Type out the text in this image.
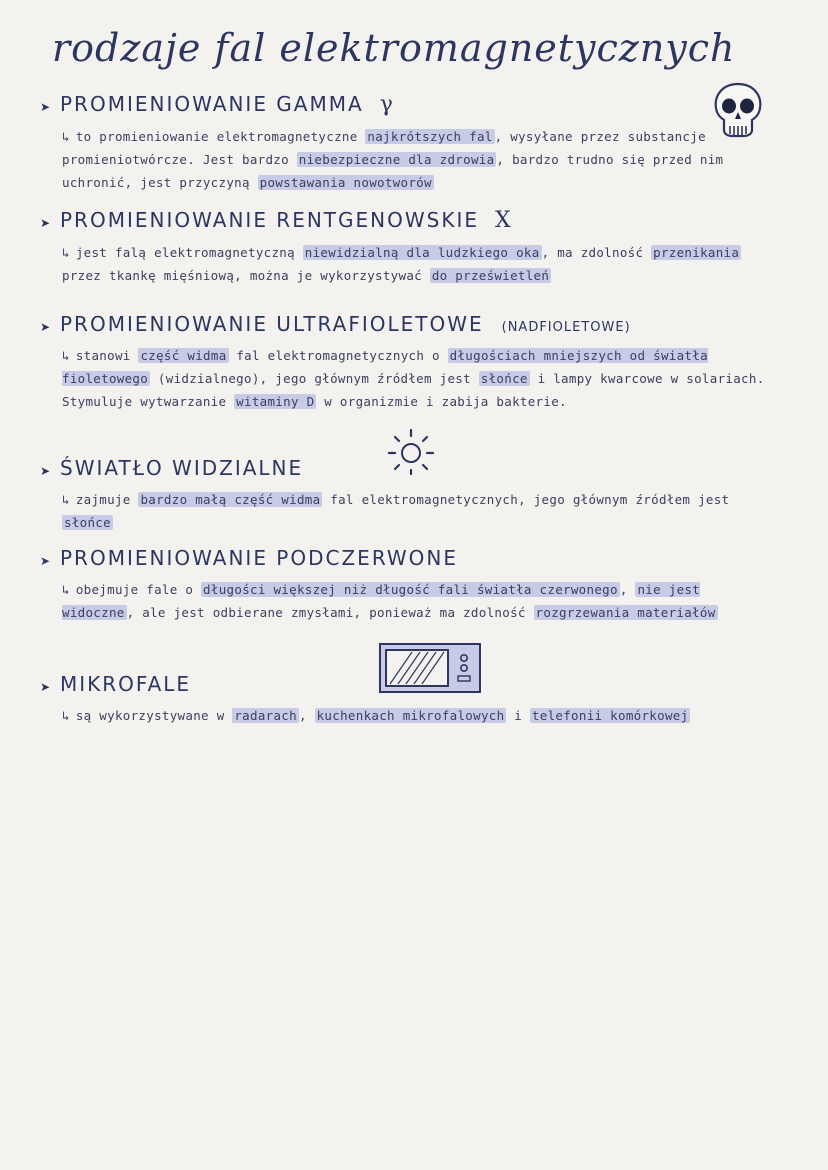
rodzaje fal elektromagnetycznych
➤ PROMIENIOWANIE GAMMA γ
↳ to promieniowanie elektromagnetyczne najkrótszych fal , wysyłane przez substancje promieniotwórcze. Jest bardzo niebezpieczne dla zdrowia , bardzo trudno się przed nim uchronić, jest przyczyną powstawania nowotworów
➤ PROMIENIOWANIE RENTGENOWSKIE X
↳ jest falą elektromagnetyczną niewidzialną dla ludzkiego oka , ma zdolność przenikania przez tkankę mięśniową, można je wykorzystywać do prześwietleń
➤ PROMIENIOWANIE ULTRAFIOLETOWE (NADFIOLETOWE)
↳ stanowi część widma fal elektromagnetycznych o długościach mniejszych od światła fioletowego (widzialnego), jego głównym źródłem jest słońce i lampy kwarcowe w solariach. Stymuluje wytwarzanie witaminy D w organizmie i zabija bakterie.
➤ ŚWIATŁO WIDZIALNE
↳ zajmuje bardzo małą część widma fal elektromagnetycznych, jego głównym źródłem jest słońce
➤ PROMIENIOWANIE PODCZERWONE
↳ obejmuje fale o długości większej niż długość fali światła czerwonego , nie jest widoczne , ale jest odbierane zmysłami, ponieważ ma zdolność rozgrzewania materiałów
➤ MIKROFALE
↳ są wykorzystywane w radarach , kuchenkach mikrofalowych i telefonii komórkowej
